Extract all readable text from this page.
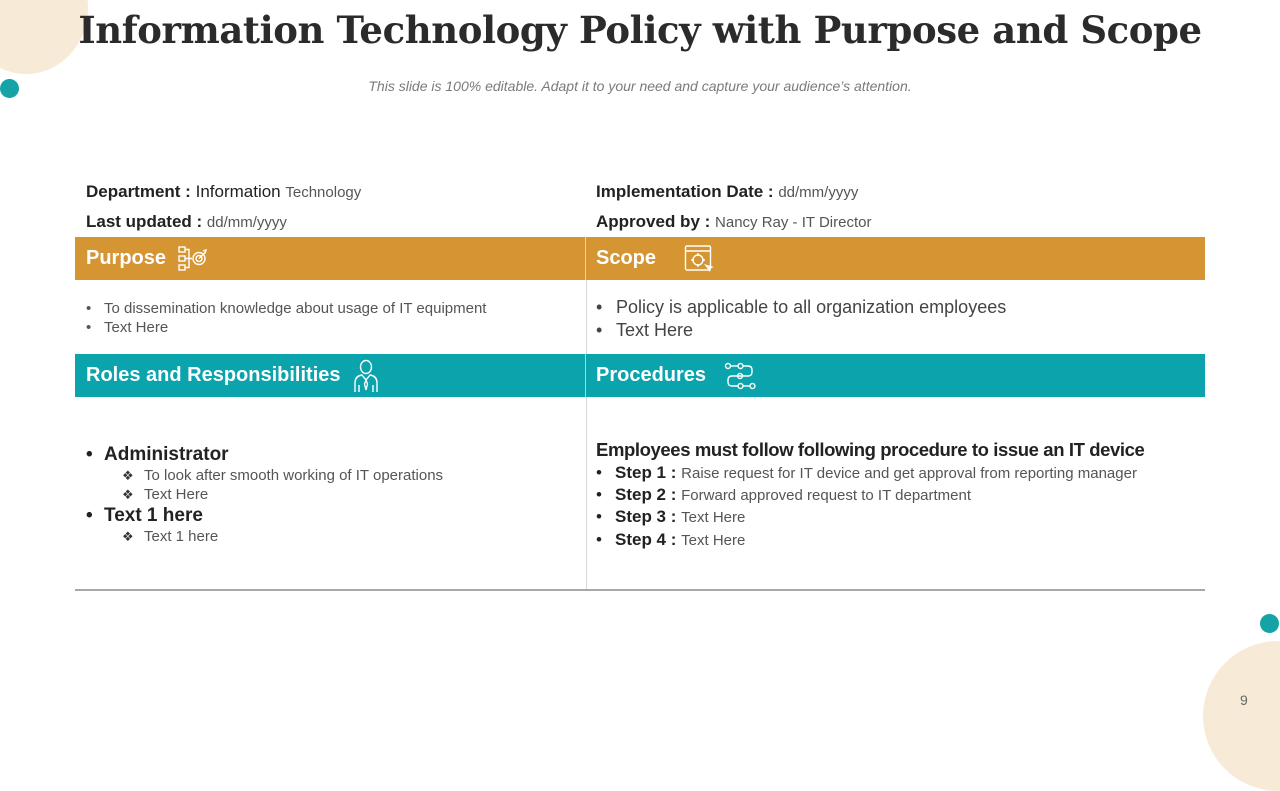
Information Technology Policy with Purpose and Scope
This slide is 100% editable. Adapt it to your need and capture your audience’s attention.
Department : Information Technology
Last updated : dd/mm/yyyy
Implementation Date : dd/mm/yyyy
Approved by : Nancy Ray - IT Director
Purpose	Scope
• To dissemination knowledge about usage of IT equipment
• Text Here
• Policy is applicable to all organization employees
• Text Here
Roles and Responsibilities	Procedures
• Administrator
❖ To look after smooth working of IT operations
❖ Text Here
• Text 1 here
❖ Text 1 here
Employees must follow following procedure to issue an IT device
• Step 1 : Raise request for IT device and get approval from reporting manager
• Step 2 : Forward approved request to IT department
• Step 3 : Text Here
• Step 4 : Text Here
9
